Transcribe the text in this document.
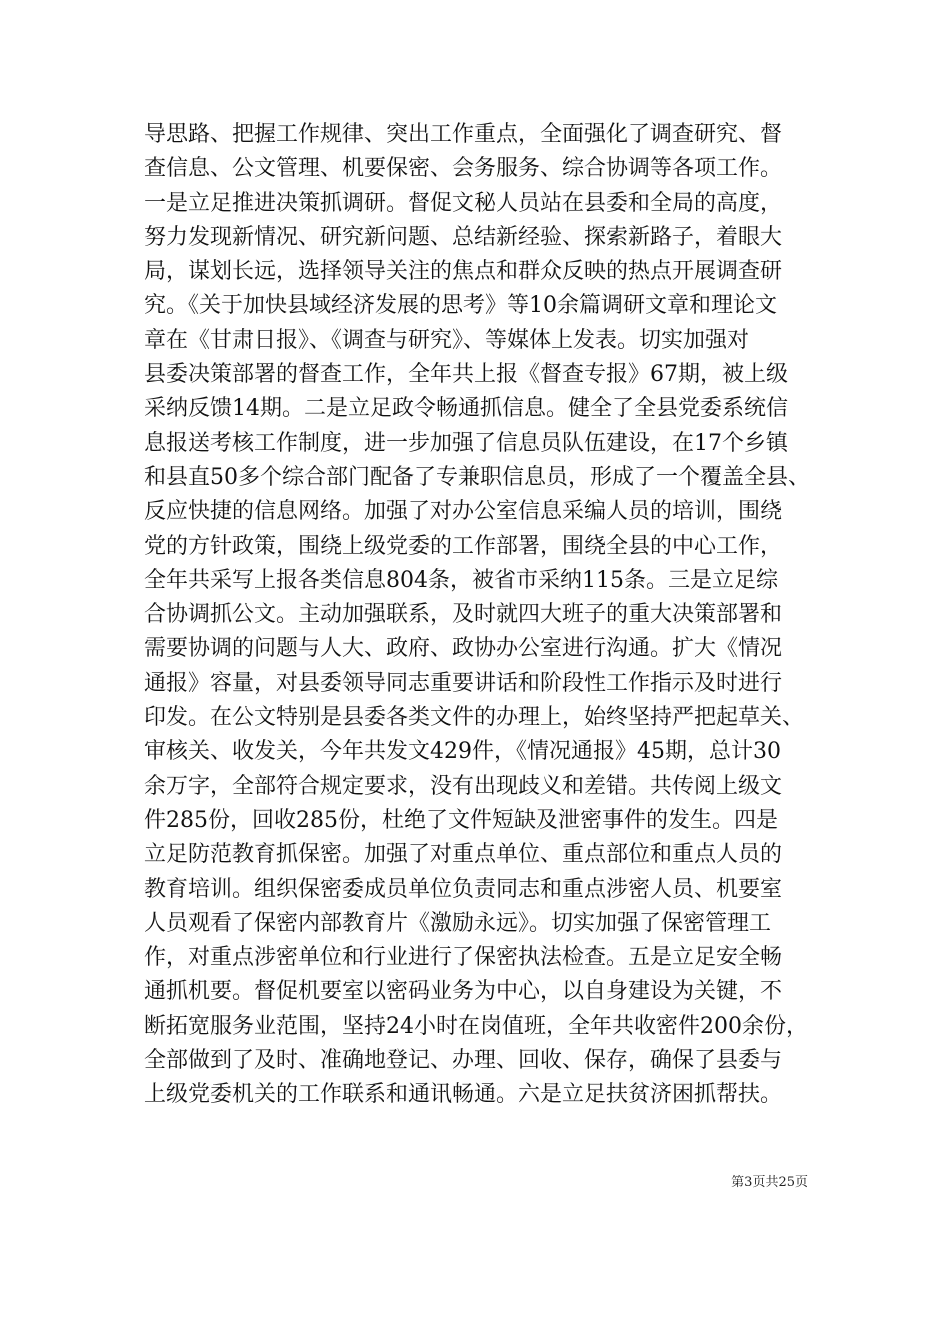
导思路、把握工作规律、突出工作重点，全面强化了调查研究、督
查信息、公文管理、机要保密、会务服务、综合协调等各项工作。
一是立足推进决策抓调研。督促文秘人员站在县委和全局的高度，
努力发现新情况、研究新问题、总结新经验、探索新路子，着眼大
局，谋划长远，选择领导关注的焦点和群众反映的热点开展调查研
究。《关于加快县域经济发展的思考》等10余篇调研文章和理论文
章在《甘肃日报》、《调查与研究》、等媒体上发表。切实加强对
县委决策部署的督查工作，全年共上报《督查专报》67期，被上级
采纳反馈14期。二是立足政令畅通抓信息。健全了全县党委系统信
息报送考核工作制度，进一步加强了信息员队伍建设，在17个乡镇
和县直50多个综合部门配备了专兼职信息员，形成了一个覆盖全县、
反应快捷的信息网络。加强了对办公室信息采编人员的培训，围绕
党的方针政策，围绕上级党委的工作部署，围绕全县的中心工作，
全年共采写上报各类信息804条，被省市采纳115条。三是立足综
合协调抓公文。主动加强联系，及时就四大班子的重大决策部署和
需要协调的问题与人大、政府、政协办公室进行沟通。扩大《情况
通报》容量，对县委领导同志重要讲话和阶段性工作指示及时进行
印发。在公文特别是县委各类文件的办理上，始终坚持严把起草关、
审核关、收发关，今年共发文429件，《情况通报》45期，总计30
余万字，全部符合规定要求，没有出现歧义和差错。共传阅上级文
件285份，回收285份，杜绝了文件短缺及泄密事件的发生。四是
立足防范教育抓保密。加强了对重点单位、重点部位和重点人员的
教育培训。组织保密委成员单位负责同志和重点涉密人员、机要室
人员观看了保密内部教育片《激励永远》。切实加强了保密管理工
作，对重点涉密单位和行业进行了保密执法检查。五是立足安全畅
通抓机要。督促机要室以密码业务为中心，以自身建设为关键，不
断拓宽服务业范围，坚持24小时在岗值班，全年共收密件200余份，
全部做到了及时、准确地登记、办理、回收、保存，确保了县委与
上级党委机关的工作联系和通讯畅通。六是立足扶贫济困抓帮扶。
第3页共25页
